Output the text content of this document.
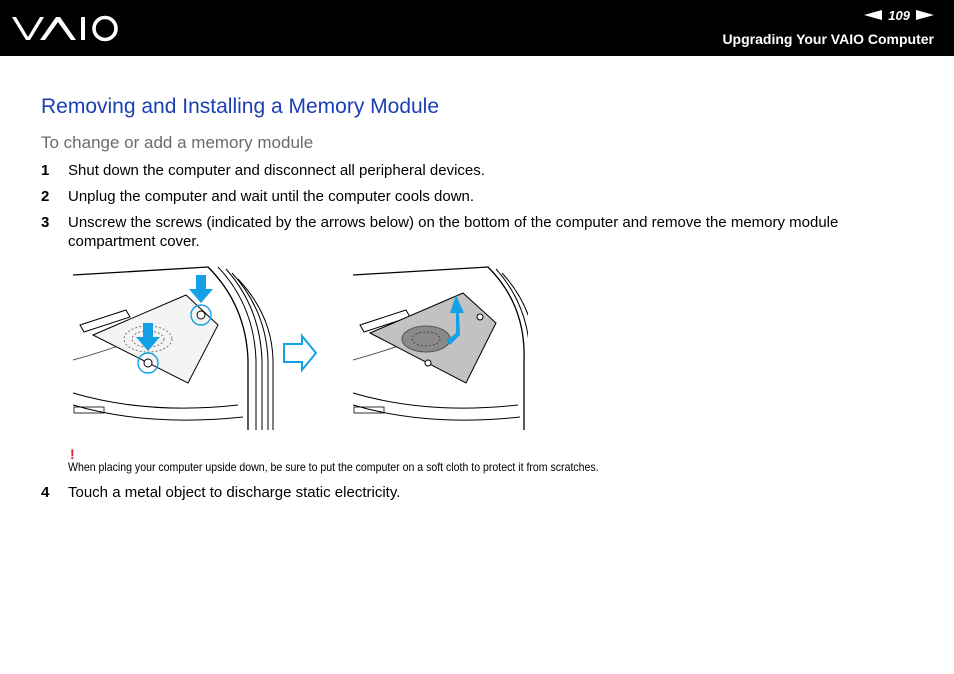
109
Upgrading Your VAIO Computer
Removing and Installing a Memory Module
To change or add a memory module
1 Shut down the computer and disconnect all peripheral devices.
2 Unplug the computer and wait until the computer cools down.
3 Unscrew the screws (indicated by the arrows below) on the bottom of the computer and remove the memory module compartment cover.
!
When placing your computer upside down, be sure to put the computer on a soft cloth to protect it from scratches.
4 Touch a metal object to discharge static electricity.
